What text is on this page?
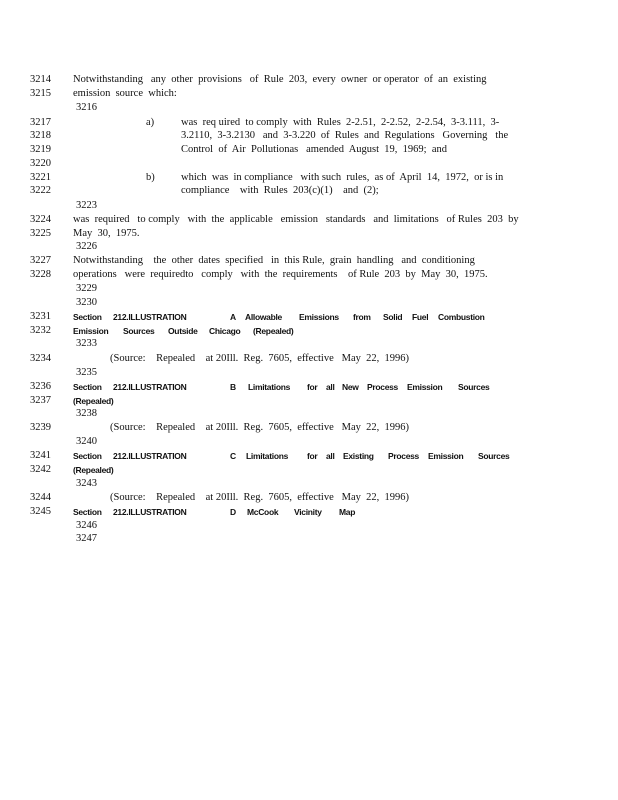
3214
3215
3216
3217
3218
3219
3220
3221
3222
3223
3224
3225
3226
3227
3228
3229
3230
3231
3232
3233
3234
3235
3236
3237
3238
3239
3240
3241
3242
3243
3244
3245
3246
3247
Notwithstanding   any  other  provisions   of  Rule  203,  every  owner  or operator  of  an  existing
emission  source  which:
a)	was  req uired  to comply  with  Rules  2-2.51,  2-2.52,  2-2.54,  3-3.111,  3-
3.2110,  3-3.2130   and  3-3.220  of  Rules  and  Regulations   Governing   the
Control  of  Air  Pollutionas   amended  August  19,  1969;  and
b)	which  was  in compliance   with such  rules,  as of  April  14,  1972,  or is in
compliance    with  Rules  203(c)(1)    and  (2);
was  required   to comply   with  the  applicable   emission   standards   and  limitations   of Rules  203  by
May  30,  1975.
Notwithstanding    the  other  dates  specified   in  this Rule,  grain  handling   and  conditioning
operations   were  requiredto   comply   with  the  requirements    of Rule  203  by  May  30,  1975.
Section 212.ILLUSTRATION	A Allowable Emissions from Solid Fuel Combustion
Emission Sources Outside Chicago (Repealed)
(Source:    Repealed    at 20Ill.  Reg.  7605,  effective   May  22,  1996)
Section 212.ILLUSTRATION	B Limitations for all New Process Emission Sources
(Repealed)
(Source:    Repealed    at 20Ill.  Reg.  7605,  effective   May  22,  1996)
Section 212.ILLUSTRATION	C Limitations for all Existing Process Emission Sources
(Repealed)
(Source:    Repealed    at 20Ill.  Reg.  7605,  effective   May  22,  1996)
Section 212.ILLUSTRATION	D McCook Vicinity Map
